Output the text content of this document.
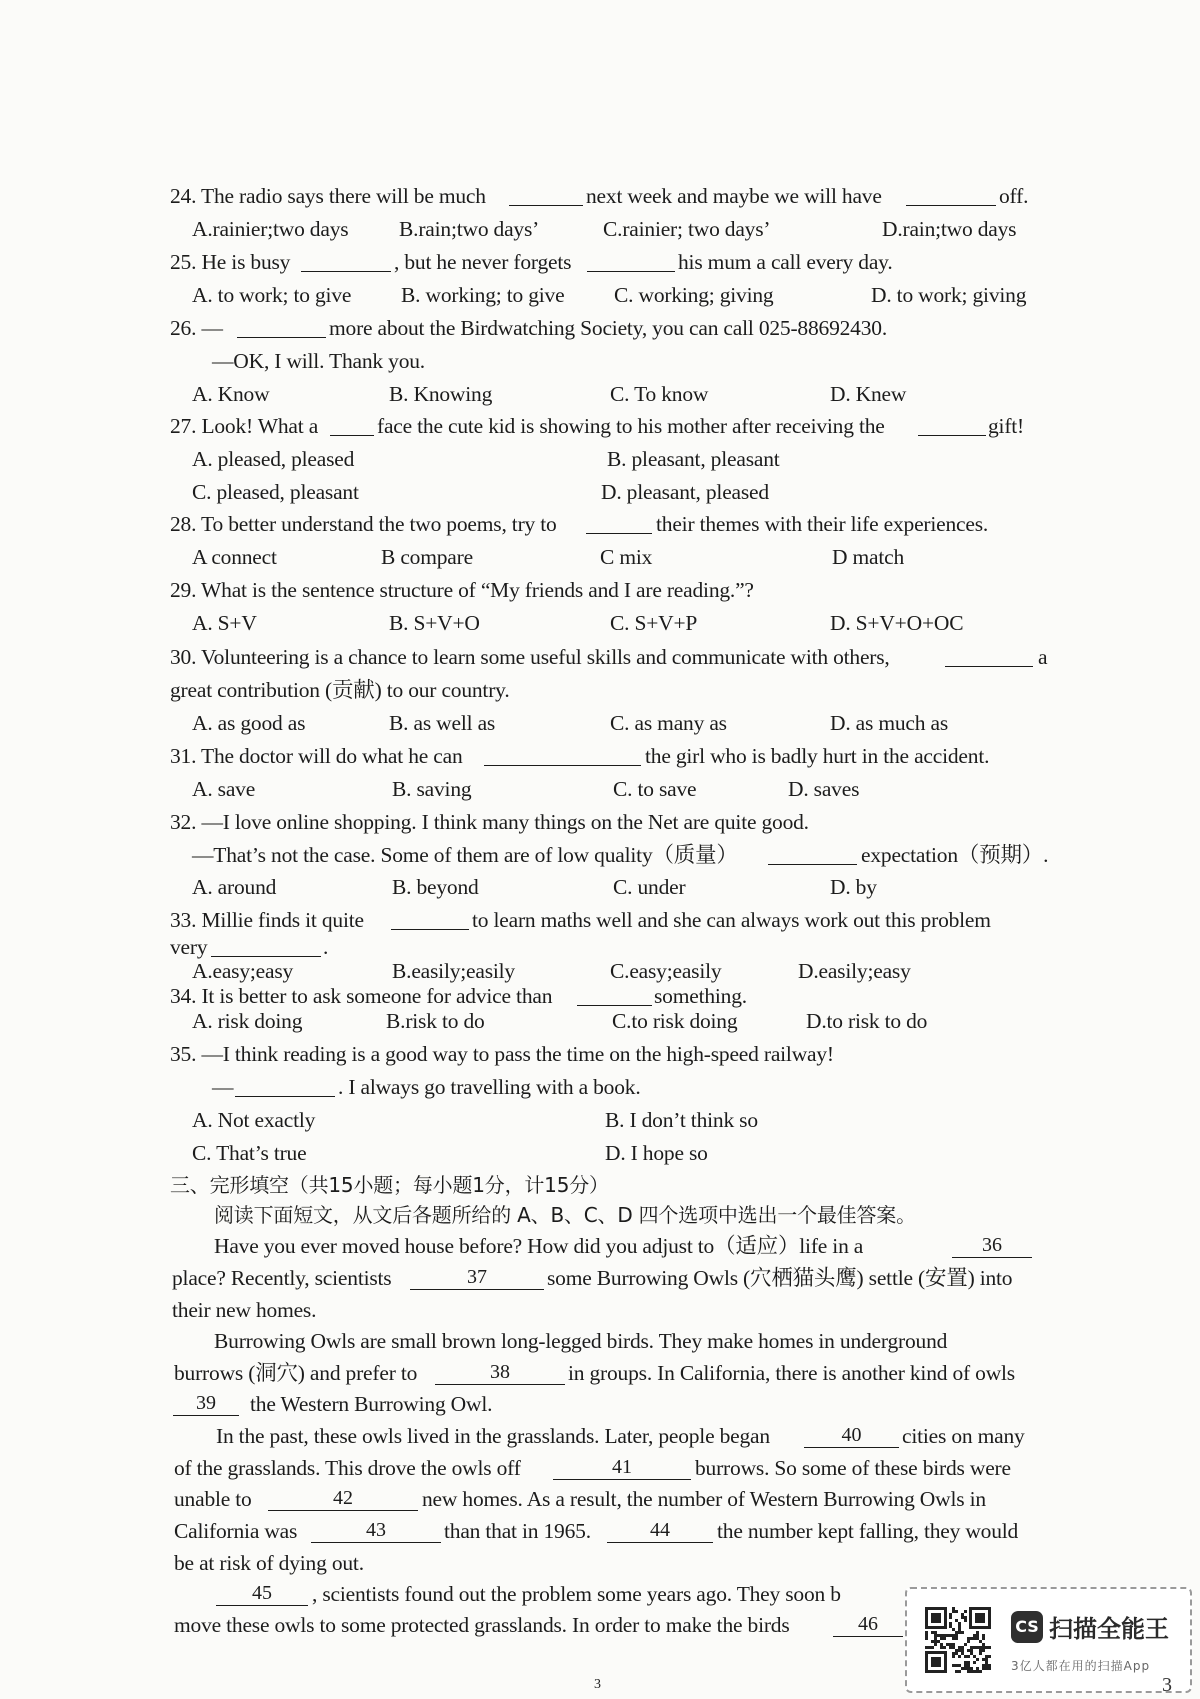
24. The radio says there will be much	next week and maybe we will have	off.
A.rainier;two days B.rain;two days’	C.rainier; two days’	D.rain;two days
25. He is busy	, but he never forgets	his mum a call every day.
A. to work; to give B. working; to give C. working; giving	D. to work; giving
26. —	more about the Birdwatching Society, you can call 025-88692430.
—OK, I will. Thank you.
A. Know	B. Knowing	C. To know	D. Knew
27. Look! What a	face the cute kid is showing to his mother after receiving the	gift!
A. pleased, pleased	B. pleasant, pleasant
C. pleased, pleasant	D. pleasant, pleased
28. To better understand the two poems, try to	their themes with their life experiences.
A connect	B compare	C mix	D match
29. What is the sentence structure of “My friends and I are reading.”?
A. S+V	B. S+V+O	C. S+V+P	D. S+V+O+OC
30. Volunteering is a chance to learn some useful skills and communicate with others,	a
great contribution (贡献) to our country.
A. as good as	B. as well as	C. as many as	D. as much as
31. The doctor will do what he can	the girl who is badly hurt in the accident.
A. save	B. saving	C. to save	D. saves
32. —I love online shopping. I think many things on the Net are quite good.
—That’s not the case. Some of them are of low quality（质量）	expectation（预期）.
A. around	B. beyond	C. under	D. by
33. Millie finds it quite	to learn maths well and she can always work out this problem
very	.
A.easy;easy	B.easily;easily	C.easy;easily	D.easily;easy
34. It is better to ask someone for advice than	something.
A. risk doing	B.risk to do	C.to risk doing	D.to risk to do
35. —I think reading is a good way to pass the time on the high-speed railway!
—	. I always go travelling with a book.
A. Not exactly	B. I don’t think so
C. That’s true	D. I hope so
三、完形填空（共15小题；每小题1分，计15分）
阅读下面短文，从文后各题所给的 A、B、C、D 四个选项中选出一个最佳答案。
Have you ever moved house before? How did you adjust to（适应）life in a
place? Recently, scientists	some Burrowing Owls (穴栖猫头鹰) settle (安置) into
their new homes.
Burrowing Owls are small brown long-legged birds. They make homes in underground
burrows (洞穴) and prefer to	in groups. In California, there is another kind of owls
the Western Burrowing Owl.
In the past, these owls lived in the grasslands. Later, people began	cities on many
of the grasslands. This drove the owls off	burrows. So some of these birds were
unable to	new homes. As a result, the number of Western Burrowing Owls in
California was	than that in 1965.	the number kept falling, they would
be at risk of dying out.
, scientists found out the problem some years ago. They soon b
move these owls to some protected grasslands. In order to make the birds
36
37
38
39
40
41
42
43	44
45
46
3
CS 扫描全能王
3亿人都在用的扫描App
3
